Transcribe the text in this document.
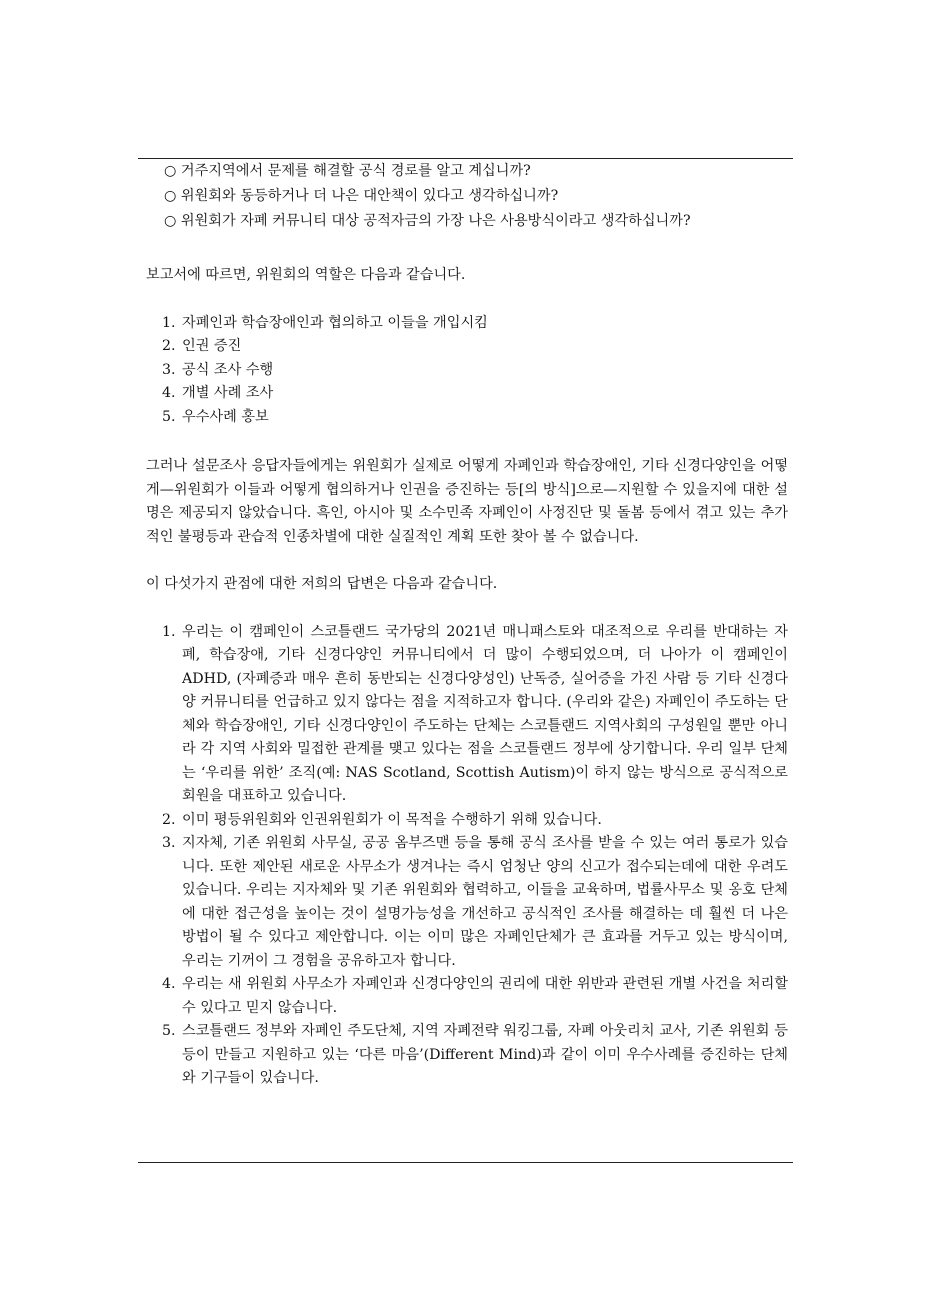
○ 거주지역에서 문제를 해결할 공식 경로를 알고 계십니까?
○ 위원회와 동등하거나 더 나은 대안책이 있다고 생각하십니까?
○ 위원회가 자폐 커뮤니티 대상 공적자금의 가장 나은 사용방식이라고 생각하십니까?

보고서에 따르면, 위원회의 역할은 다음과 같습니다.

1. 자폐인과 학습장애인과 협의하고 이들을 개입시킴
2. 인권 증진
3. 공식 조사 수행
4. 개별 사례 조사
5. 우수사례 홍보

그러나 설문조사 응답자들에게는 위원회가 실제로 어떻게 자폐인과 학습장애인, 기타 신경다양인을 어떻게—위원회가 이들과 어떻게 협의하거나 인권을 증진하는 등[의 방식]으로—지원할 수 있을지에 대한 설명은 제공되지 않았습니다. 흑인, 아시아 및 소수민족 자폐인이 사정진단 및 돌봄 등에서 겪고 있는 추가적인 불평등과 관습적 인종차별에 대한 실질적인 계획 또한 찾아 볼 수 없습니다.

이 다섯가지 관점에 대한 저희의 답변은 다음과 같습니다.

1. 우리는 이 캠페인이 스코틀랜드 국가당의 2021년 매니패스토와 대조적으로 우리를 반대하는 자폐, 학습장애, 기타 신경다양인 커뮤니티에서 더 많이 수행되었으며, 더 나아가 이 캠페인이 ADHD, (자폐증과 매우 흔히 동반되는 신경다양성인) 난독증, 실어증을 가진 사람 등 기타 신경다양 커뮤니티를 언급하고 있지 않다는 점을 지적하고자 합니다. (우리와 같은) 자폐인이 주도하는 단체와 학습장애인, 기타 신경다양인이 주도하는 단체는 스코틀랜드 지역사회의 구성원일 뿐만 아니라 각 지역 사회와 밀접한 관계를 맺고 있다는 점을 스코틀랜드 정부에 상기합니다. 우리 일부 단체는 ‘우리를 위한’ 조직(예: NAS Scotland, Scottish Autism)이 하지 않는 방식으로 공식적으로 회원을 대표하고 있습니다.
2. 이미 평등위원회와 인권위원회가 이 목적을 수행하기 위해 있습니다.
3. 지자체, 기존 위원회 사무실, 공공 옴부즈맨 등을 통해 공식 조사를 받을 수 있는 여러 통로가 있습니다. 또한 제안된 새로운 사무소가 생겨나는 즉시 엄청난 양의 신고가 접수되는데에 대한 우려도 있습니다. 우리는 지자체와 및 기존 위원회와 협력하고, 이들을 교육하며, 법률사무소 및 옹호 단체에 대한 접근성을 높이는 것이 설명가능성을 개선하고 공식적인 조사를 해결하는 데 훨씬 더 나은 방법이 될 수 있다고 제안합니다. 이는 이미 많은 자폐인단체가 큰 효과를 거두고 있는 방식이며, 우리는 기꺼이 그 경험을 공유하고자 합니다.
4. 우리는 새 위원회 사무소가 자폐인과 신경다양인의 권리에 대한 위반과 관련된 개별 사건을 처리할 수 있다고 믿지 않습니다.
5. 스코틀랜드 정부와 자폐인 주도단체, 지역 자폐전략 워킹그룹, 자폐 아웃리치 교사, 기존 위원회 등등이 만들고 지원하고 있는 ‘다른 마음’(Different Mind)과 같이 이미 우수사례를 증진하는 단체와 기구들이 있습니다.
